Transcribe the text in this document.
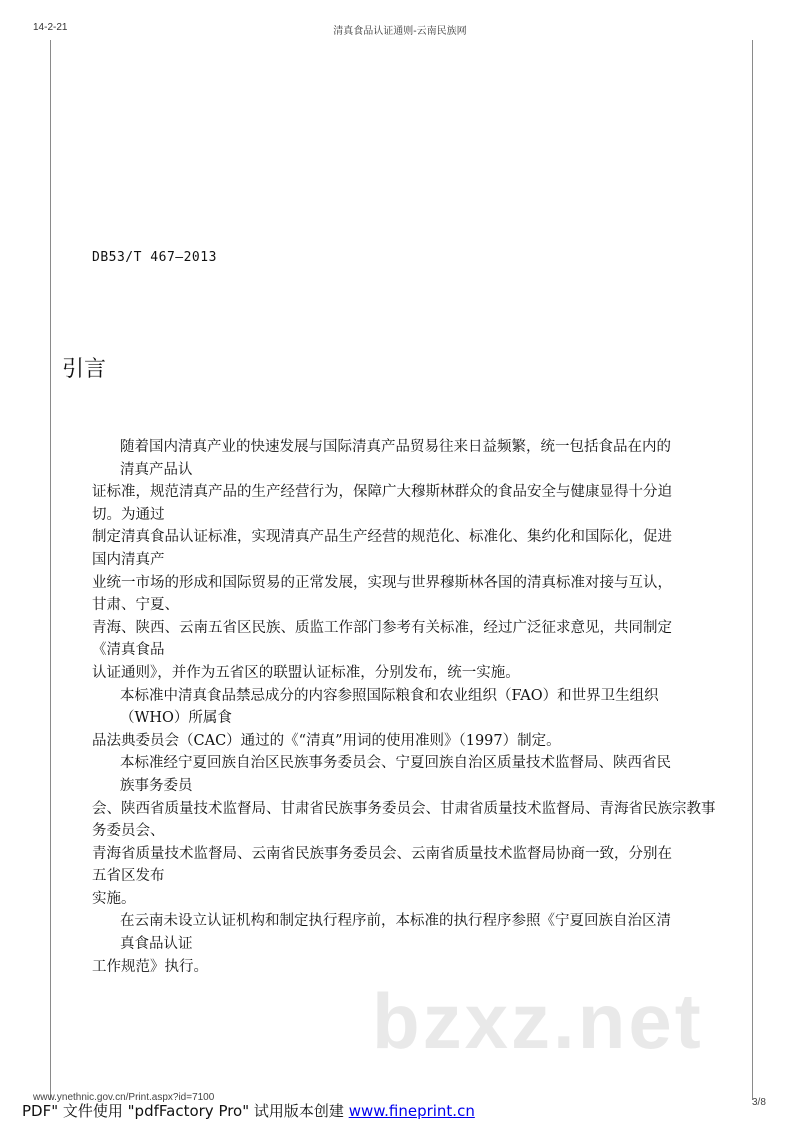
14-2-21	清真食品认证通则-云南民族网
DB53/T 467—2013
引言
随着国内清真产业的快速发展与国际清真产品贸易往来日益频繁，统一包括食品在内的
清真产品认
证标准，规范清真产品的生产经营行为，保障广大穆斯林群众的食品安全与健康显得十分迫
切。为通过
制定清真食品认证标准，实现清真产品生产经营的规范化、标准化、集约化和国际化，促进
国内清真产
业统一市场的形成和国际贸易的正常发展，实现与世界穆斯林各国的清真标准对接与互认，
甘肃、宁夏、
青海、陕西、云南五省区民族、质监工作部门参考有关标准，经过广泛征求意见，共同制定
《清真食品
认证通则》，并作为五省区的联盟认证标准，分别发布，统一实施。
本标准中清真食品禁忌成分的内容参照国际粮食和农业组织（FAO）和世界卫生组织
（WHO）所属食
品法典委员会（CAC）通过的《“清真”用词的使用准则》（1997）制定。
本标准经宁夏回族自治区民族事务委员会、宁夏回族自治区质量技术监督局、陕西省民
族事务委员
会、陕西省质量技术监督局、甘肃省民族事务委员会、甘肃省质量技术监督局、青海省民族宗教事
务委员会、
青海省质量技术监督局、云南省民族事务委员会、云南省质量技术监督局协商一致，分别在
五省区发布
实施。
在云南未设立认证机构和制定执行程序前，本标准的执行程序参照《宁夏回族自治区清
真食品认证
工作规范》执行。
bzxz.net
www.ynethnic.gov.cn/Print.aspx?id=7100	3/8
PDF" 文件使用 "pdfFactory Pro" 试用版本创建 www.fineprint.cn
